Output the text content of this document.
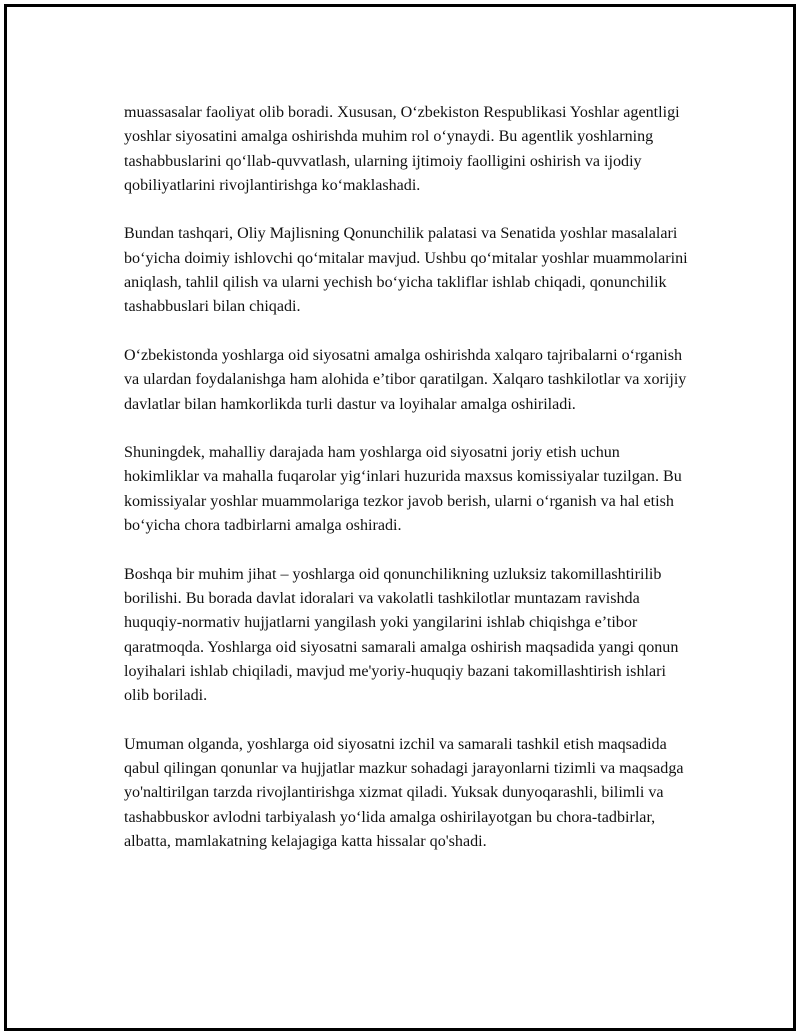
muassasalar faoliyat olib boradi. Xususan, O‘zbekiston Respublikasi Yoshlar agentligi yoshlar siyosatini amalga oshirishda muhim rol o‘ynaydi. Bu agentlik yoshlarning tashabbuslarini qo‘llab-quvvatlash, ularning ijtimoiy faolligini oshirish va ijodiy qobiliyatlarini rivojlantirishga ko‘maklashadi.

Bundan tashqari, Oliy Majlisning Qonunchilik palatasi va Senatida yoshlar masalalari bo‘yicha doimiy ishlovchi qo‘mitalar mavjud. Ushbu qo‘mitalar yoshlar muammolarini aniqlash, tahlil qilish va ularni yechish bo‘yicha takliflar ishlab chiqadi, qonunchilik tashabbuslari bilan chiqadi.

O‘zbekistonda yoshlarga oid siyosatni amalga oshirishda xalqaro tajribalarni o‘rganish va ulardan foydalanishga ham alohida e’tibor qaratilgan. Xalqaro tashkilotlar va xorijiy davlatlar bilan hamkorlikda turli dastur va loyihalar amalga oshiriladi.

Shuningdek, mahalliy darajada ham yoshlarga oid siyosatni joriy etish uchun hokimliklar va mahalla fuqarolar yig‘inlari huzurida maxsus komissiyalar tuzilgan. Bu komissiyalar yoshlar muammolariga tezkor javob berish, ularni o‘rganish va hal etish bo‘yicha chora tadbirlarni amalga oshiradi.

Boshqa bir muhim jihat – yoshlarga oid qonunchilikning uzluksiz takomillashtirilib borilishi. Bu borada davlat idoralari va vakolatli tashkilotlar muntazam ravishda huquqiy-normativ hujjatlarni yangilash yoki yangilarini ishlab chiqishga e’tibor qaratmoqda. Yoshlarga oid siyosatni samarali amalga oshirish maqsadida yangi qonun loyihalari ishlab chiqiladi, mavjud me'yoriy-huquqiy bazani takomillashtirish ishlari olib boriladi.

Umuman olganda, yoshlarga oid siyosatni izchil va samarali tashkil etish maqsadida qabul qilingan qonunlar va hujjatlar mazkur sohadagi jarayonlarni tizimli va maqsadga yo'naltirilgan tarzda rivojlantirishga xizmat qiladi. Yuksak dunyoqarashli, bilimli va tashabbuskor avlodni tarbiyalash yo‘lida amalga oshirilayotgan bu chora-tadbirlar, albatta, mamlakatning kelajagiga katta hissalar qo'shadi.
